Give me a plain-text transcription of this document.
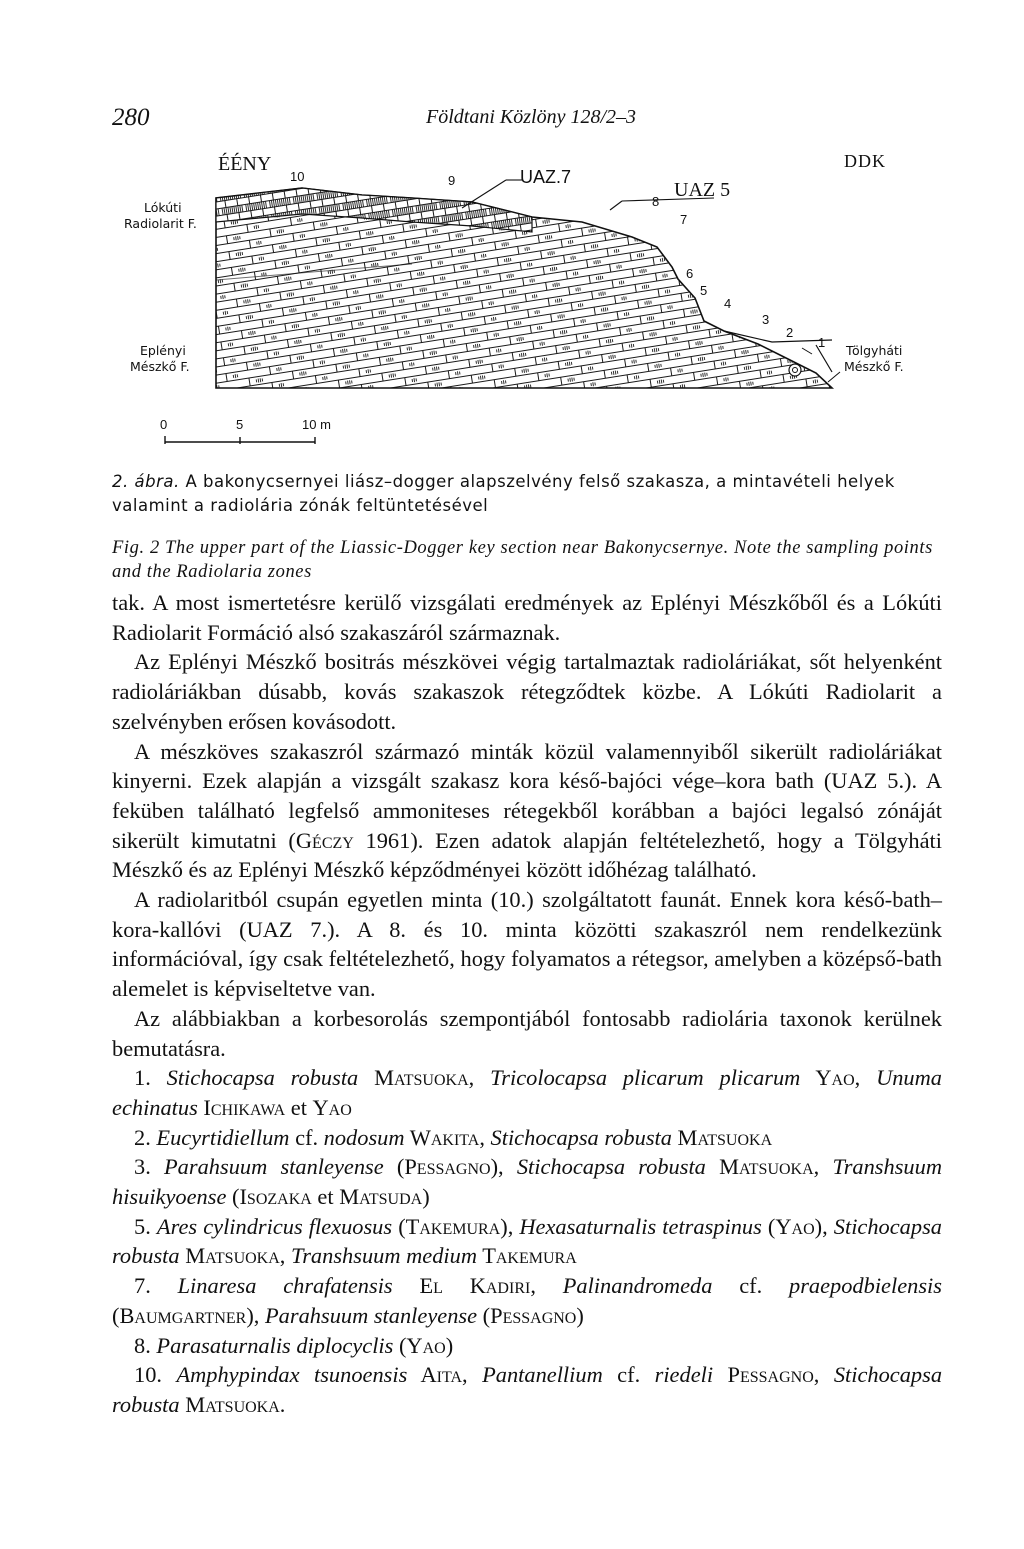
280	Földtani Közlöny 128/2–3
ÉÉNY	DDK
Lókúti
Radiolarit F.
Eplényi
Mészkő F.
Tölgyháti
Mészkő F.
UAZ.7
UAZ 5
10	9
8
7
6
5
4
3
2
1
0	5	10 m
2. ábra. A bakonycsernyei liász–dogger alapszelvény felső szakasza, a mintavételi helyek valamint a radiolária zónák feltüntetésével
Fig. 2 The upper part of the Liassic-Dogger key section near Bakonycsernye. Note the sampling points and the Radiolaria zones

tak. A most ismertetésre kerülő vizsgálati eredmények az Eplényi Mészkőből és a Lókúti Radiolarit Formáció alsó szakaszáról származnak.

Az Eplényi Mészkő bositrás mészkövei végig tartalmaztak radioláriákat, sőt helyenként radioláriákban dúsabb, kovás szakaszok rétegződtek közbe. A Lókúti Radiolarit a szelvényben erősen kovásodott.

A mészköves szakaszról származó minták közül valamennyiből sikerült radioláriákat kinyerni. Ezek alapján a vizsgált szakasz kora késő-bajóci vége–kora bath (UAZ 5.). A feküben található legfelső ammoniteses rétegekből korábban a bajóci legalsó zónáját sikerült kimutatni (Géczy 1961). Ezen adatok alapján feltételezhető, hogy a Tölgyháti Mészkő és az Eplényi Mészkő képződményei között időhézag található.

A radiolaritból csupán egyetlen minta (10.) szolgáltatott faunát. Ennek kora késő-bath–kora-kallóvi (UAZ 7.). A 8. és 10. minta közötti szakaszról nem rendelkezünk információval, így csak feltételezhető, hogy folyamatos a rétegsor, amelyben a középső-bath alemelet is képviseltetve van.

Az alábbiakban a korbesorolás szempontjából fontosabb radiolária taxonok kerülnek bemutatásra.

1. Stichocapsa robusta Matsuoka, Tricolocapsa plicarum plicarum Yao, Unuma echinatus Ichikawa et Yao

2. Eucyrtidiellum cf. nodosum Wakita, Stichocapsa robusta Matsuoka

3. Parahsuum stanleyense (Pessagno), Stichocapsa robusta Matsuoka, Transhsuum hisuikyoense (Isozaka et Matsuda)

5. Ares cylindricus flexuosus (Takemura), Hexasaturnalis tetraspinus (Yao), Stichocapsa robusta Matsuoka, Transhsuum medium Takemura

7. Linaresa chrafatensis El Kadiri, Palinandromeda cf. praepodbielensis (Baumgartner), Parahsuum stanleyense (Pessagno)

8. Parasaturnalis diplocyclis (Yao)

10. Amphypindax tsunoensis Aita, Pantanellium cf. riedeli Pessagno, Stichocapsa robusta Matsuoka.
